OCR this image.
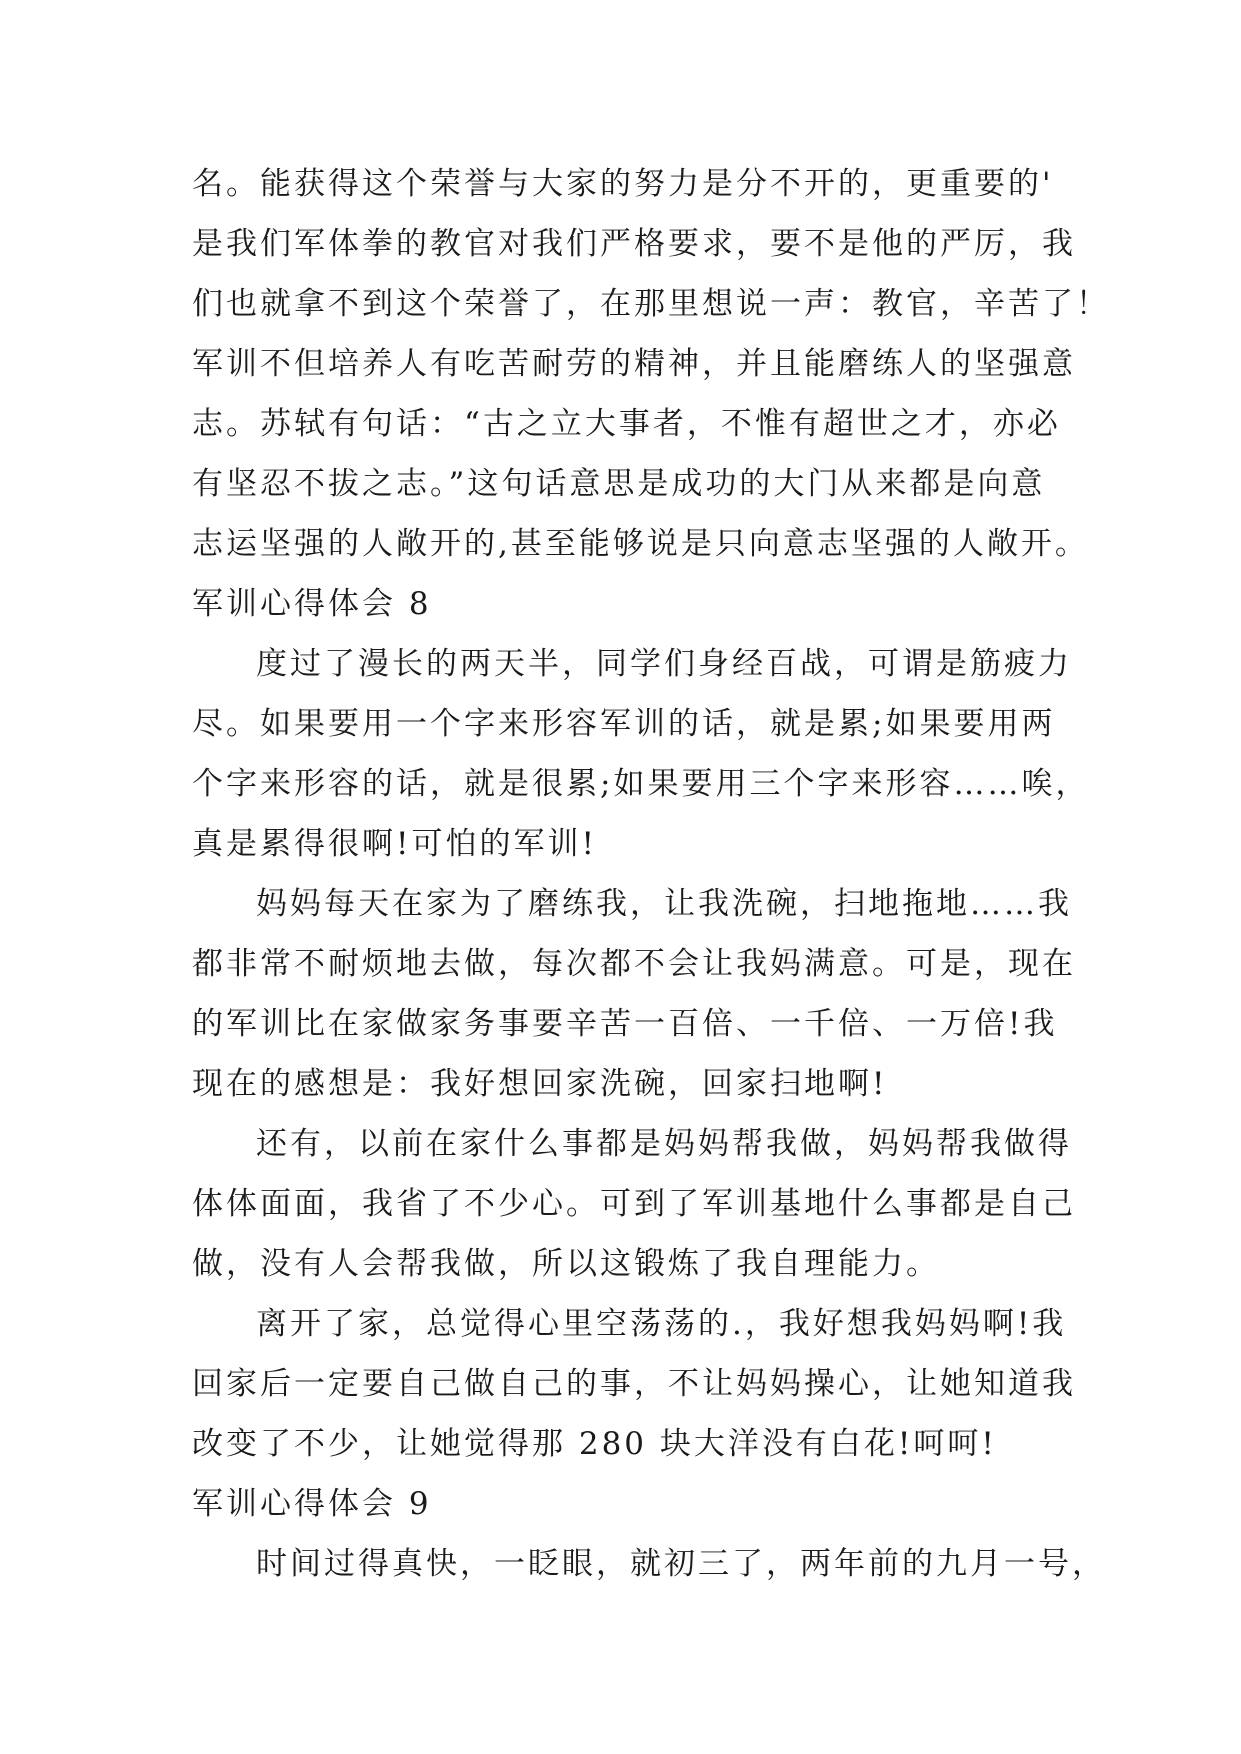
名。能获得这个荣誉与大家的努力是分不开的，更重要的'
是我们军体拳的教官对我们严格要求，要不是他的严厉，我
们也就拿不到这个荣誉了，在那里想说一声：教官，辛苦了！
军训不但培养人有吃苦耐劳的精神，并且能磨练人的坚强意
志。苏轼有句话：“古之立大事者，不惟有超世之才，亦必
有坚忍不拔之志。”这句话意思是成功的大门从来都是向意
志运坚强的人敞开的,甚至能够说是只向意志坚强的人敞开。
军训心得体会 8
度过了漫长的两天半，同学们身经百战，可谓是筋疲力
尽。如果要用一个字来形容军训的话，就是累;如果要用两
个字来形容的话，就是很累;如果要用三个字来形容……唉，
真是累得很啊!可怕的军训!
妈妈每天在家为了磨练我，让我洗碗，扫地拖地……我
都非常不耐烦地去做，每次都不会让我妈满意。可是，现在
的军训比在家做家务事要辛苦一百倍、一千倍、一万倍!我
现在的感想是：我好想回家洗碗，回家扫地啊!
还有，以前在家什么事都是妈妈帮我做，妈妈帮我做得
体体面面，我省了不少心。可到了军训基地什么事都是自己
做，没有人会帮我做，所以这锻炼了我自理能力。
离开了家，总觉得心里空荡荡的.，我好想我妈妈啊!我
回家后一定要自己做自己的事，不让妈妈操心，让她知道我
改变了不少，让她觉得那 280 块大洋没有白花!呵呵!
军训心得体会 9
时间过得真快，一眨眼，就初三了，两年前的九月一号，
